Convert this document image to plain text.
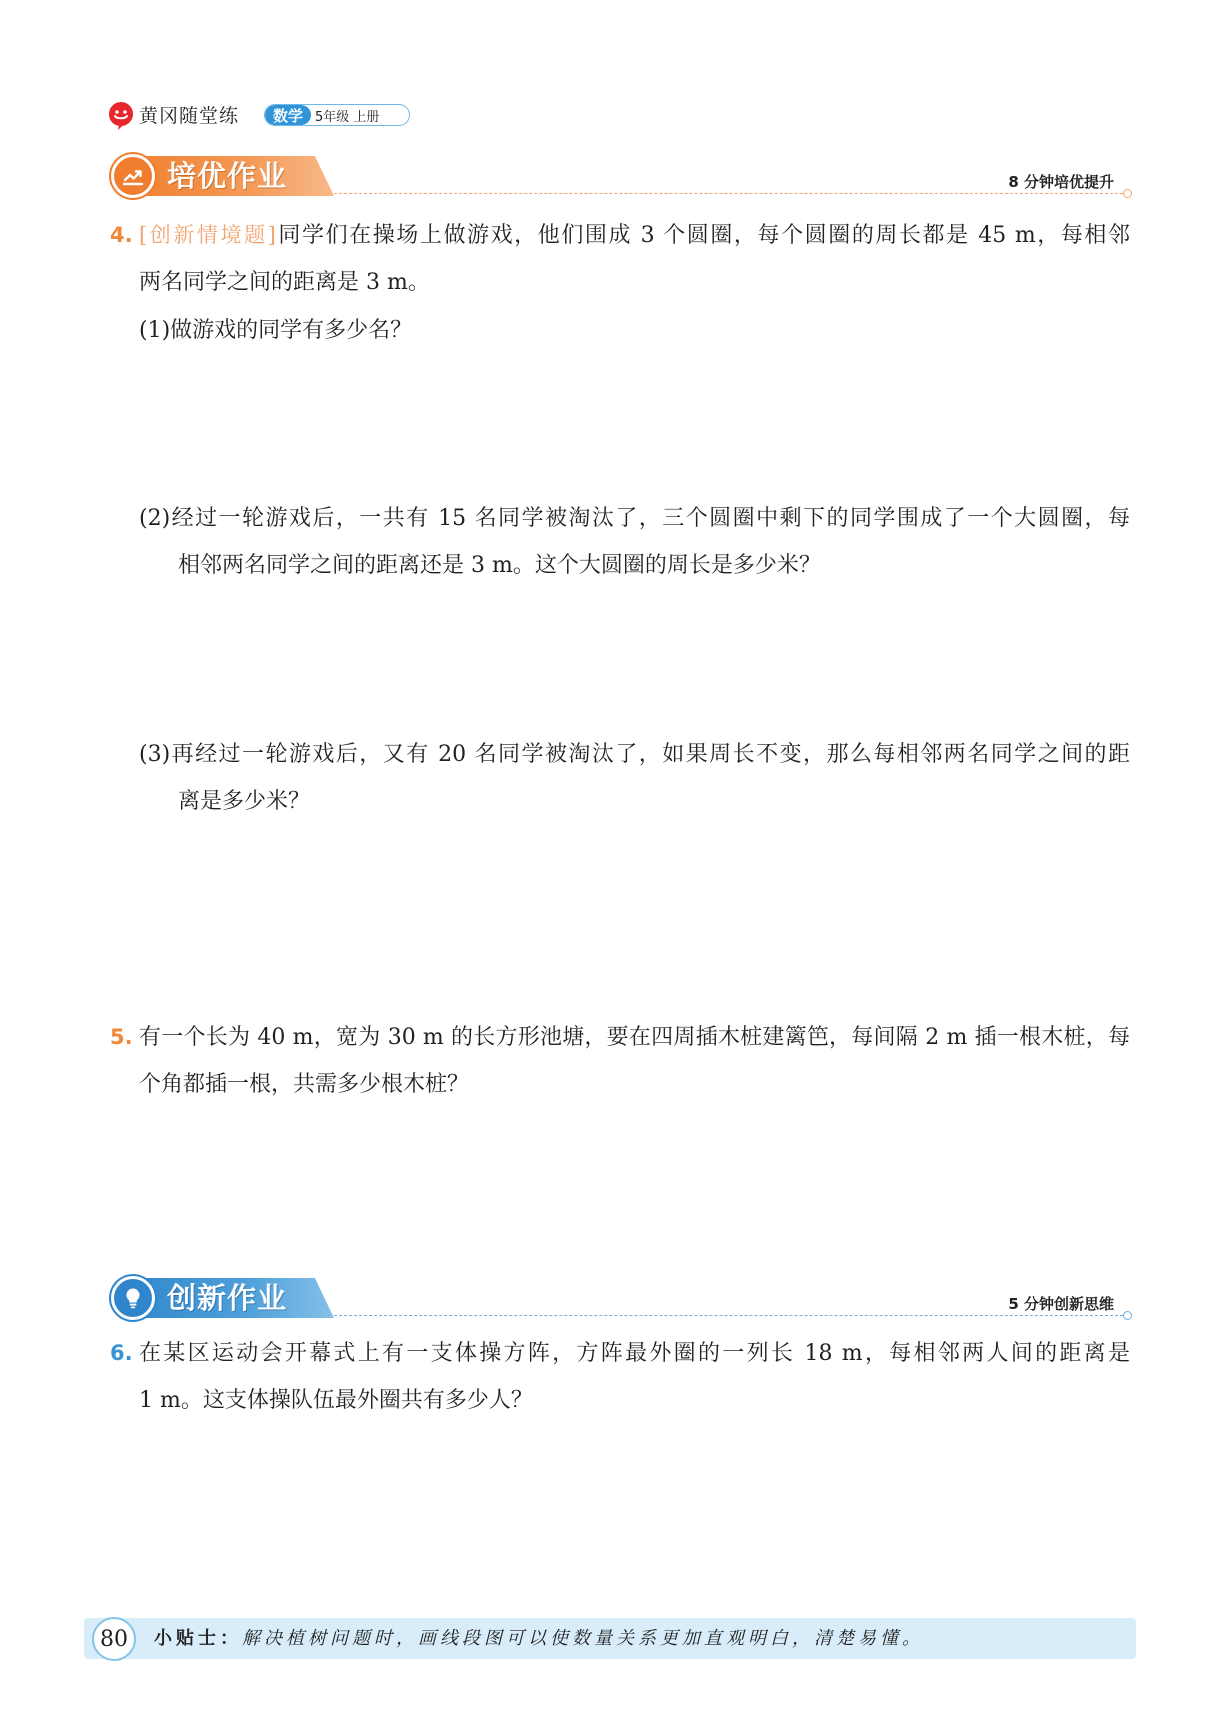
黄冈随堂练	数学 5年级 上册
培优作业	8 分钟培优提升
4. [创新情境题]同学们在操场上做游戏，他们围成 3 个圆圈，每个圆圈的周长都是 45 m，每相邻
两名同学之间的距离是 3 m。
(1)做游戏的同学有多少名？
(2)经过一轮游戏后，一共有 15 名同学被淘汰了，三个圆圈中剩下的同学围成了一个大圆圈，每
相邻两名同学之间的距离还是 3 m。这个大圆圈的周长是多少米？
(3)再经过一轮游戏后，又有 20 名同学被淘汰了，如果周长不变，那么每相邻两名同学之间的距
离是多少米？
5. 有一个长为 40 m，宽为 30 m 的长方形池塘，要在四周插木桩建篱笆，每间隔 2 m 插一根木桩，每
个角都插一根，共需多少根木桩？
创新作业	5 分钟创新思维
6. 在某区运动会开幕式上有一支体操方阵，方阵最外圈的一列长 18 m，每相邻两人间的距离是
1 m。这支体操队伍最外圈共有多少人？
80	小贴士：解决植树问题时，画线段图可以使数量关系更加直观明白，清楚易懂。
